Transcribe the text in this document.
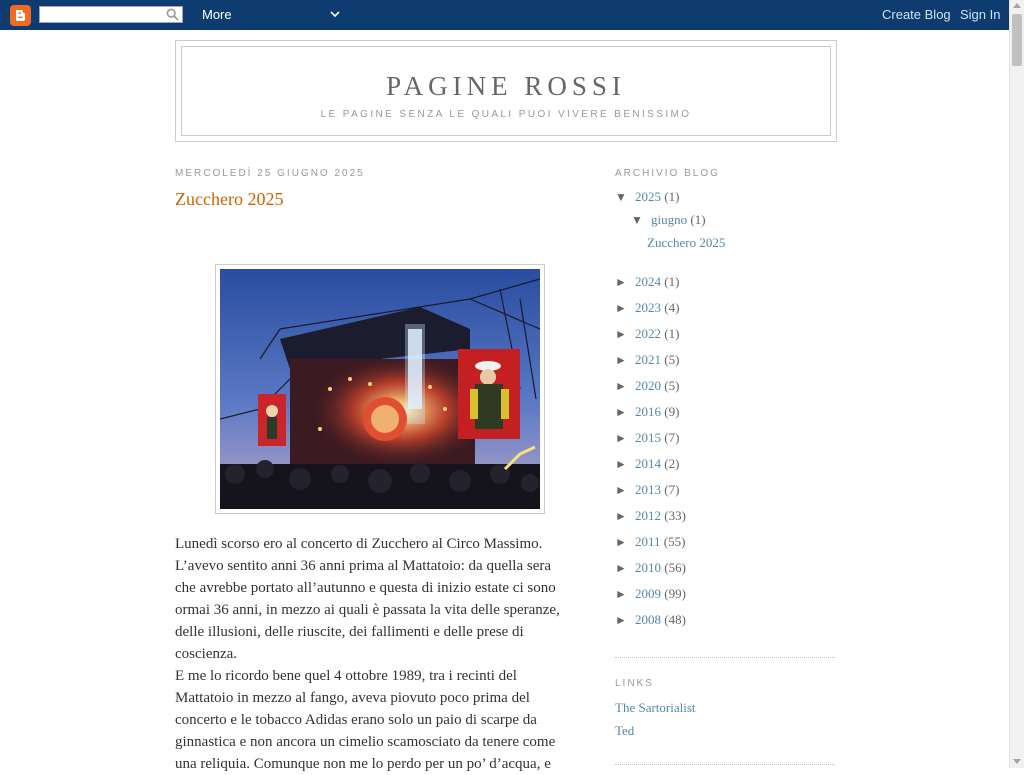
More	Create Blog Sign In
PAGINE ROSSI
LE PAGINE SENZA LE QUALI PUOI VIVERE BENISSIMO
MERCOLEDÌ 25 GIUGNO 2025
Zucchero 2025

Lunedì scorso ero al concerto di Zucchero al Circo Massimo.

L’avevo sentito anni 36 anni prima al Mattatoio: da quella sera

che avrebbe portato all’autunno e questa di inizio estate ci sono

ormai 36 anni, in mezzo ai quali è passata la vita delle speranze,

delle illusioni, delle riuscite, dei fallimenti e delle prese di

coscienza.

E me lo ricordo bene quel 4 ottobre 1989, tra i recinti del

Mattatoio in mezzo al fango, aveva piovuto poco prima del

concerto e le tobacco Adidas erano solo un paio di scarpe da

ginnastica e non ancora un cimelio scamosciato da tenere come

una reliquia. Comunque non me lo perdo per un po’ d’acqua, e

ARCHIVIO BLOG
▼ 2025 (1)
▼ giugno (1)
Zucchero 2025
► 2024 (1)
► 2023 (4)
► 2022 (1)
► 2021 (5)
► 2020 (5)
► 2016 (9)
► 2015 (7)
► 2014 (2)
► 2013 (7)
► 2012 (33)
► 2011 (55)
► 2010 (56)
► 2009 (99)
► 2008 (48)
LINKS
The Sartorialist
Ted
